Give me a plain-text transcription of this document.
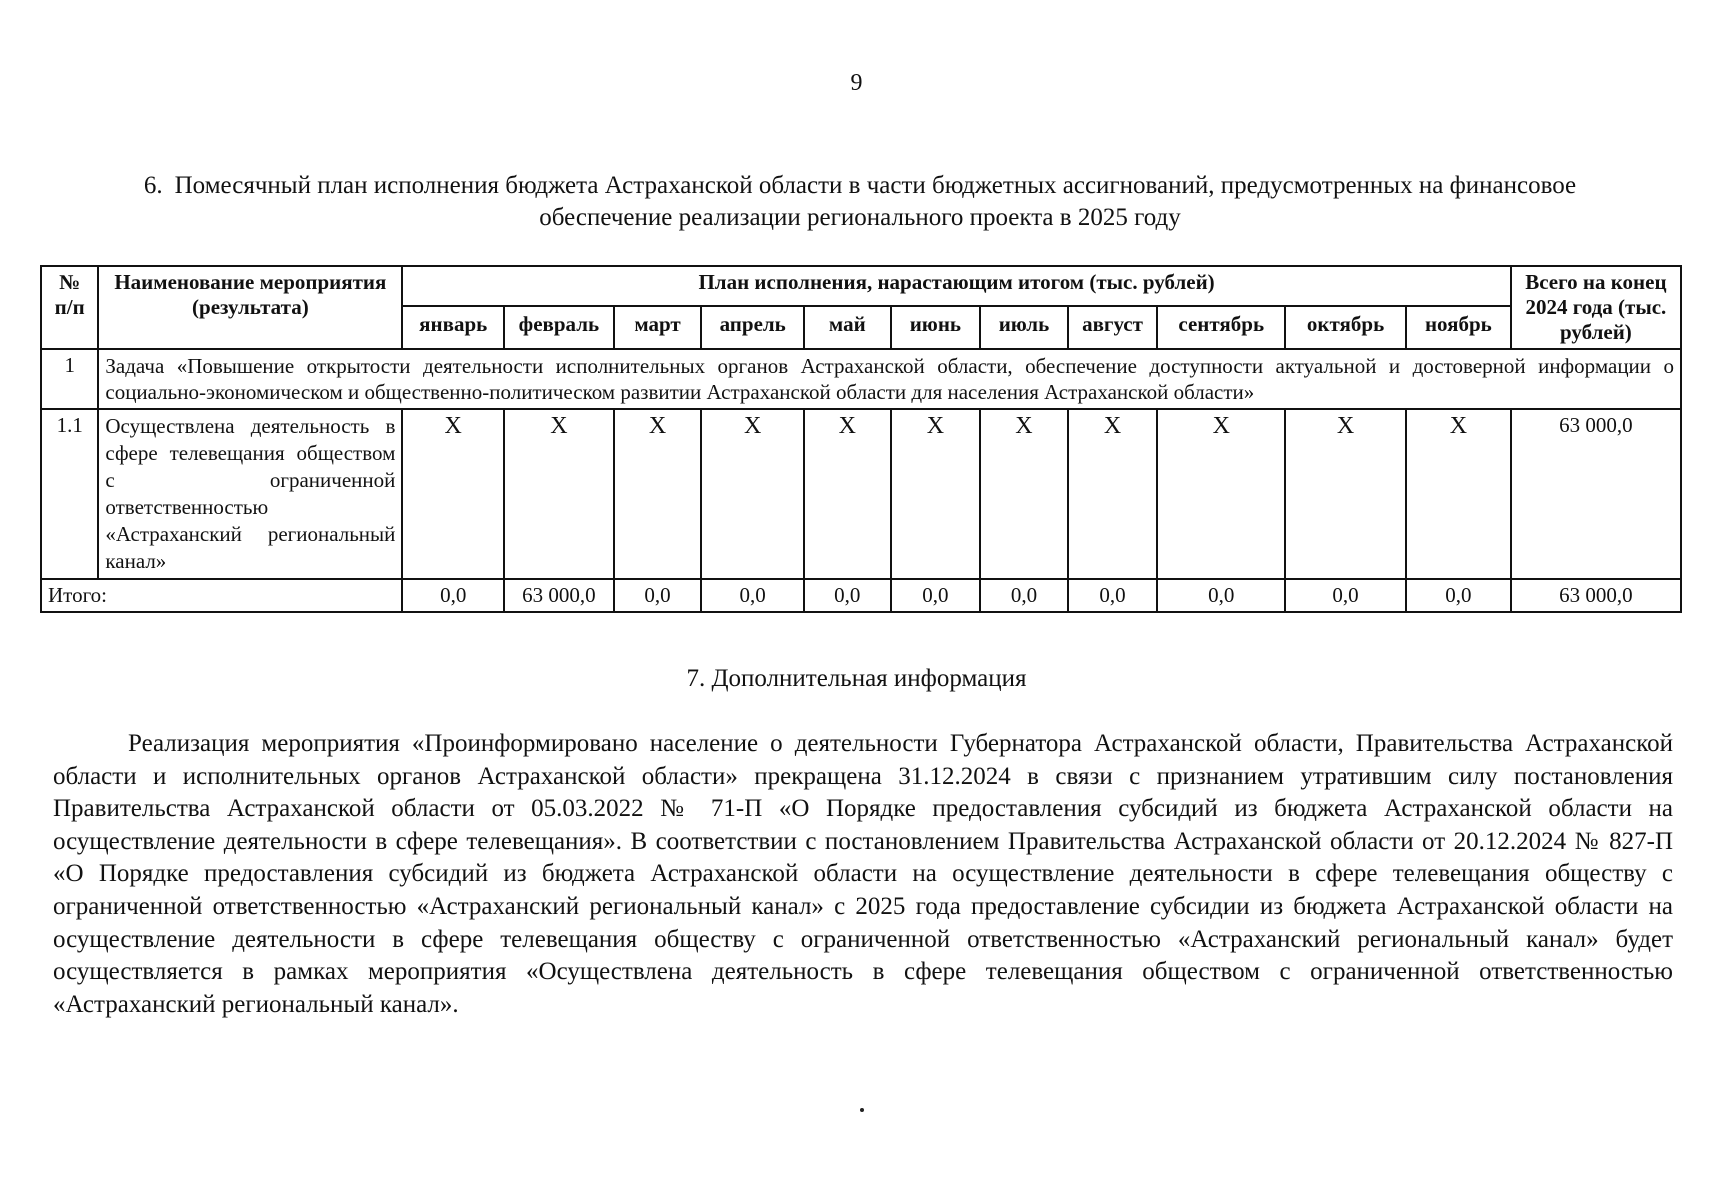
9
6. Помесячный план исполнения бюджета Астраханской области в части бюджетных ассигнований, предусмотренных на финансовое обеспечение реализации регионального проекта в 2025 году
№ п/п	Наименование мероприятия (результата)	План исполнения, нарастающим итогом (тыс. рублей)											Всего на конец 2024 года (тыс. рублей)
		январь	февраль	март	апрель	май	июнь	июль	август	сентябрь	октябрь	ноябрь	
1	Задача «Повышение открытости деятельности исполнительных органов Астраханской области, обеспечение доступности актуальной и достоверной информации о социально-экономическом и общественно-политическом развитии Астраханской области для населения Астраханской области»												
1.1	Осуществлена деятельность в сфере телевещания обществом с ограниченной ответственностью «Астраханский региональный канал»	X	X	X	X	X	X	X	X	X	X	X	63 000,0
Итого:		0,0	63 000,0	0,0	0,0	0,0	0,0	0,0	0,0	0,0	0,0	0,0	63 000,0
7. Дополнительная информация
Реализация мероприятия «Проинформировано население о деятельности Губернатора Астраханской области, Правительства Астраханской области и исполнительных органов Астраханской области» прекращена 31.12.2024 в связи с признанием утратившим силу постановления Правительства Астраханской области от 05.03.2022 № 71-П «О Порядке предоставления субсидий из бюджета Астраханской области на осуществление деятельности в сфере телевещания». В соответствии с постановлением Правительства Астраханской области от 20.12.2024 № 827-П «О Порядке предоставления субсидий из бюджета Астраханской области на осуществление деятельности в сфере телевещания обществу с ограниченной ответственностью «Астраханский региональный канал» с 2025 года предоставление субсидии из бюджета Астраханской области на осуществление деятельности в сфере телевещания обществу с ограниченной ответственностью «Астраханский региональный канал» будет осуществляется в рамках мероприятия «Осуществлена деятельность в сфере телевещания обществом с ограниченной ответственностью «Астраханский региональный канал».
